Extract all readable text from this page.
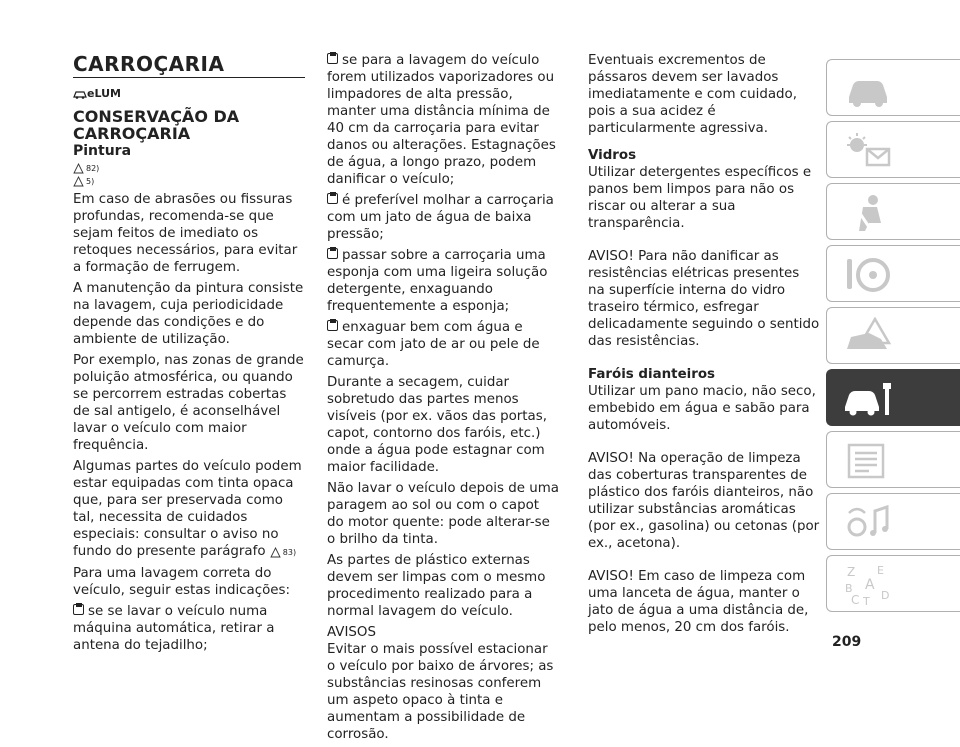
CARROÇARIA
eLUM
CONSERVAÇÃO DA CARROÇARIA
Pintura
82)
5)

Em caso de abrasões ou fissuras profundas, recomenda-se que sejam feitos de imediato os retoques necessários, para evitar a formação de ferrugem.

A manutenção da pintura consiste na lavagem, cuja periodicidade depende das condições e do ambiente de utilização.

Por exemplo, nas zonas de grande poluição atmosférica, ou quando se percorrem estradas cobertas de sal antigelo, é aconselhável lavar o veículo com maior frequência.

Algumas partes do veículo podem estar equipadas com tinta opaca que, para ser preservada como tal, necessita de cuidados especiais: consultar o aviso no fundo do presente parágrafo 83)

Para uma lavagem correta do veículo, seguir estas indicações:

se se lavar o veículo numa máquina automática, retirar a antena do tejadilho;

se para a lavagem do veículo forem utilizados vaporizadores ou limpadores de alta pressão, manter uma distância mínima de 40 cm da carroçaria para evitar danos ou alterações. Estagnações de água, a longo prazo, podem danificar o veículo;

é preferível molhar a carroçaria com um jato de água de baixa pressão;

passar sobre a carroçaria uma esponja com uma ligeira solução detergente, enxaguando frequentemente a esponja;

enxaguar bem com água e secar com jato de ar ou pele de camurça.

Durante a secagem, cuidar sobretudo das partes menos visíveis (por ex. vãos das portas, capot, contorno dos faróis, etc.) onde a água pode estagnar com maior facilidade.

Não lavar o veículo depois de uma paragem ao sol ou com o capot do motor quente: pode alterar-se o brilho da tinta.

As partes de plástico externas devem ser limpas com o mesmo procedimento realizado para a normal lavagem do veículo.

AVISOS

Evitar o mais possível estacionar o veículo por baixo de árvores; as substâncias resinosas conferem um aspeto opaco à tinta e aumentam a possibilidade de corrosão.

Eventuais excrementos de pássaros devem ser lavados imediatamente e com cuidado, pois a sua acidez é particularmente agressiva.

Vidros

Utilizar detergentes específicos e panos bem limpos para não os riscar ou alterar a sua transparência.

AVISO! Para não danificar as resistências elétricas presentes na superfície interna do vidro traseiro térmico, esfregar delicadamente seguindo o sentido das resistências.

Faróis dianteiros

Utilizar um pano macio, não seco, embebido em água e sabão para automóveis.

AVISO! Na operação de limpeza das coberturas transparentes de plástico dos faróis dianteiros, não utilizar substâncias aromáticas (por ex., gasolina) ou cetonas (por ex., acetona).

AVISO! Em caso de limpeza com uma lanceta de água, manter o jato de água a uma distância de, pelo menos, 20 cm dos faróis.

209
Z E
B A
C T D
